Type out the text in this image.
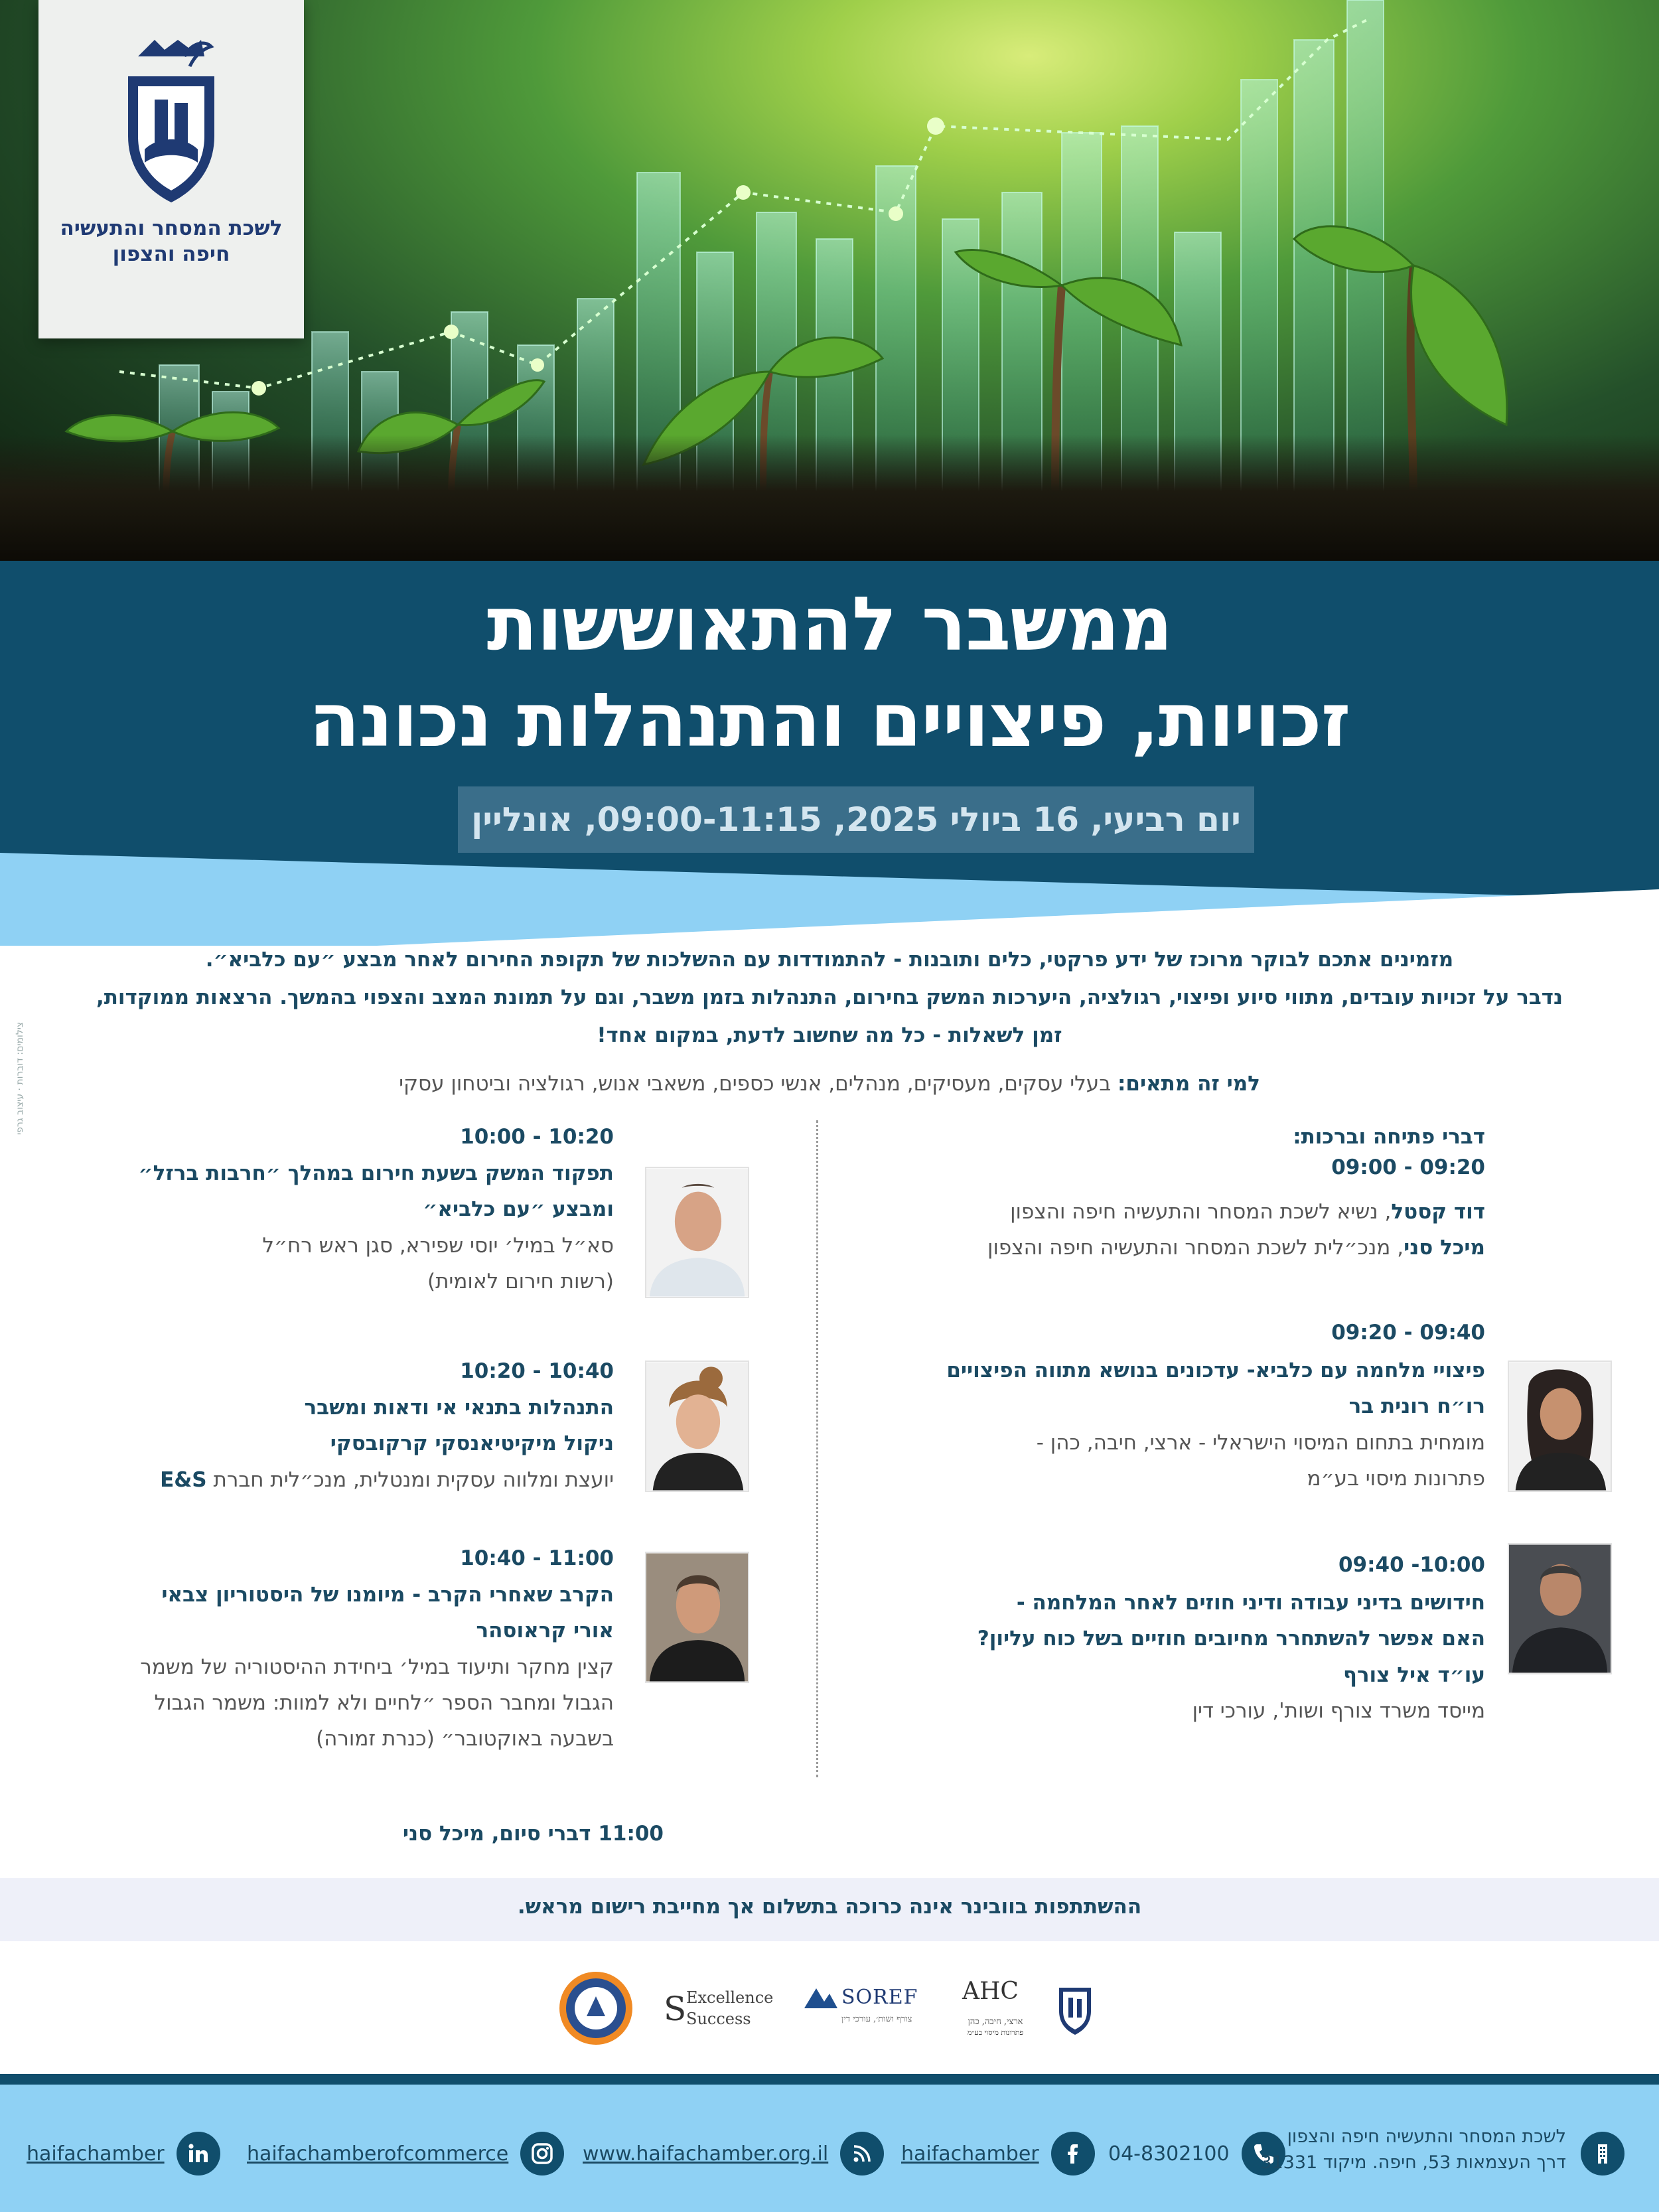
לשכת המסחר והתעשיה
חיפה והצפון
ממשבר להתאוששות
זכויות, פיצויים והתנהלות נכונה
יום רביעי, 16 ביולי 2025, 09:00-11:15, אונליין
מזמינים אתכם לבוקר מרוכז של ידע פרקטי, כלים ותובנות - להתמודדות עם ההשלכות של תקופת החירום לאחר מבצע ״עם כלביא״.
נדבר על זכויות עובדים, מתווי סיוע ופיצוי, רגולציה, היערכות המשק בחירום, התנהלות בזמן משבר, וגם על תמונת המצב והצפוי בהמשך. הרצאות ממוקדות,
זמן לשאלות - כל מה שחשוב לדעת, במקום אחד!
למי זה מתאים: בעלי עסקים, מעסיקים, מנהלים, אנשי כספים, משאבי אנוש, רגולציה וביטחון עסקי
צילומים: דוברות · עיצוב גרפי
דברי פתיחה וברכות:
09:00 - 09:20
דוד קסטל, נשיא לשכת המסחר והתעשיה חיפה והצפון
מיכל סני, מנכ״לית לשכת המסחר והתעשיה חיפה והצפון
09:20 - 09:40
פיצויי מלחמה עם כלביא- עדכונים בנושא מתווה הפיצויים
רו״ח רונית בר
מומחית בתחום המיסוי הישראלי - ארצי, חיבה, כהן -
פתרונות מיסוי בע״מ
09:40 -10:00
חידושים בדיני עבודה ודיני חוזים לאחר המלחמה -
האם אפשר להשתחרר מחיובים חוזיים בשל כוח עליון?
עו״ד איל צורף
מייסד משרד צורף ושות', עורכי דין
10:00 - 10:20
תפקוד המשק בשעת חירום במהלך ״חרבות ברזל״
ומבצע ״עם כלביא״
סא״ל במיל׳ יוסי שפירא, סגן ראש רח״ל
(רשות חירום לאומית)
10:20 - 10:40
התנהלות בתנאי אי ודאות ומשבר
ניקול מיקיטיאנסקי קרקובסקי
יועצת ומלווה עסקית ומנטלית, מנכ״לית חברת E&S
10:40 - 11:00
הקרב שאחרי הקרב - מיומנו של היסטוריון צבאי
אורי קראוסהר
קצין מחקר ותיעוד במיל׳ ביחידת ההיסטוריה של משמר
הגבול ומחבר הספר ״לחיים ולא למוות: משמר הגבול
בשבעה באוקטובר״ (כנרת זמורה)
11:00 דברי סיום, מיכל סני
ההשתתפות בוובינר אינה כרוכה בתשלום אך מחייבת רישום מראש.
S Excellence
Success
SOREF
צורף ושות׳, עורכי דין
AHC
ארצי, חיבה, כהן
פתרונות מיסוי בע״מ
haifachamber	haifachamberofcommerce	www.haifachamber.org.il	haifachamber	04-8302100
לשכת המסחר והתעשיה חיפה והצפון
דרך העצמאות 53, חיפה. מיקוד 31331
